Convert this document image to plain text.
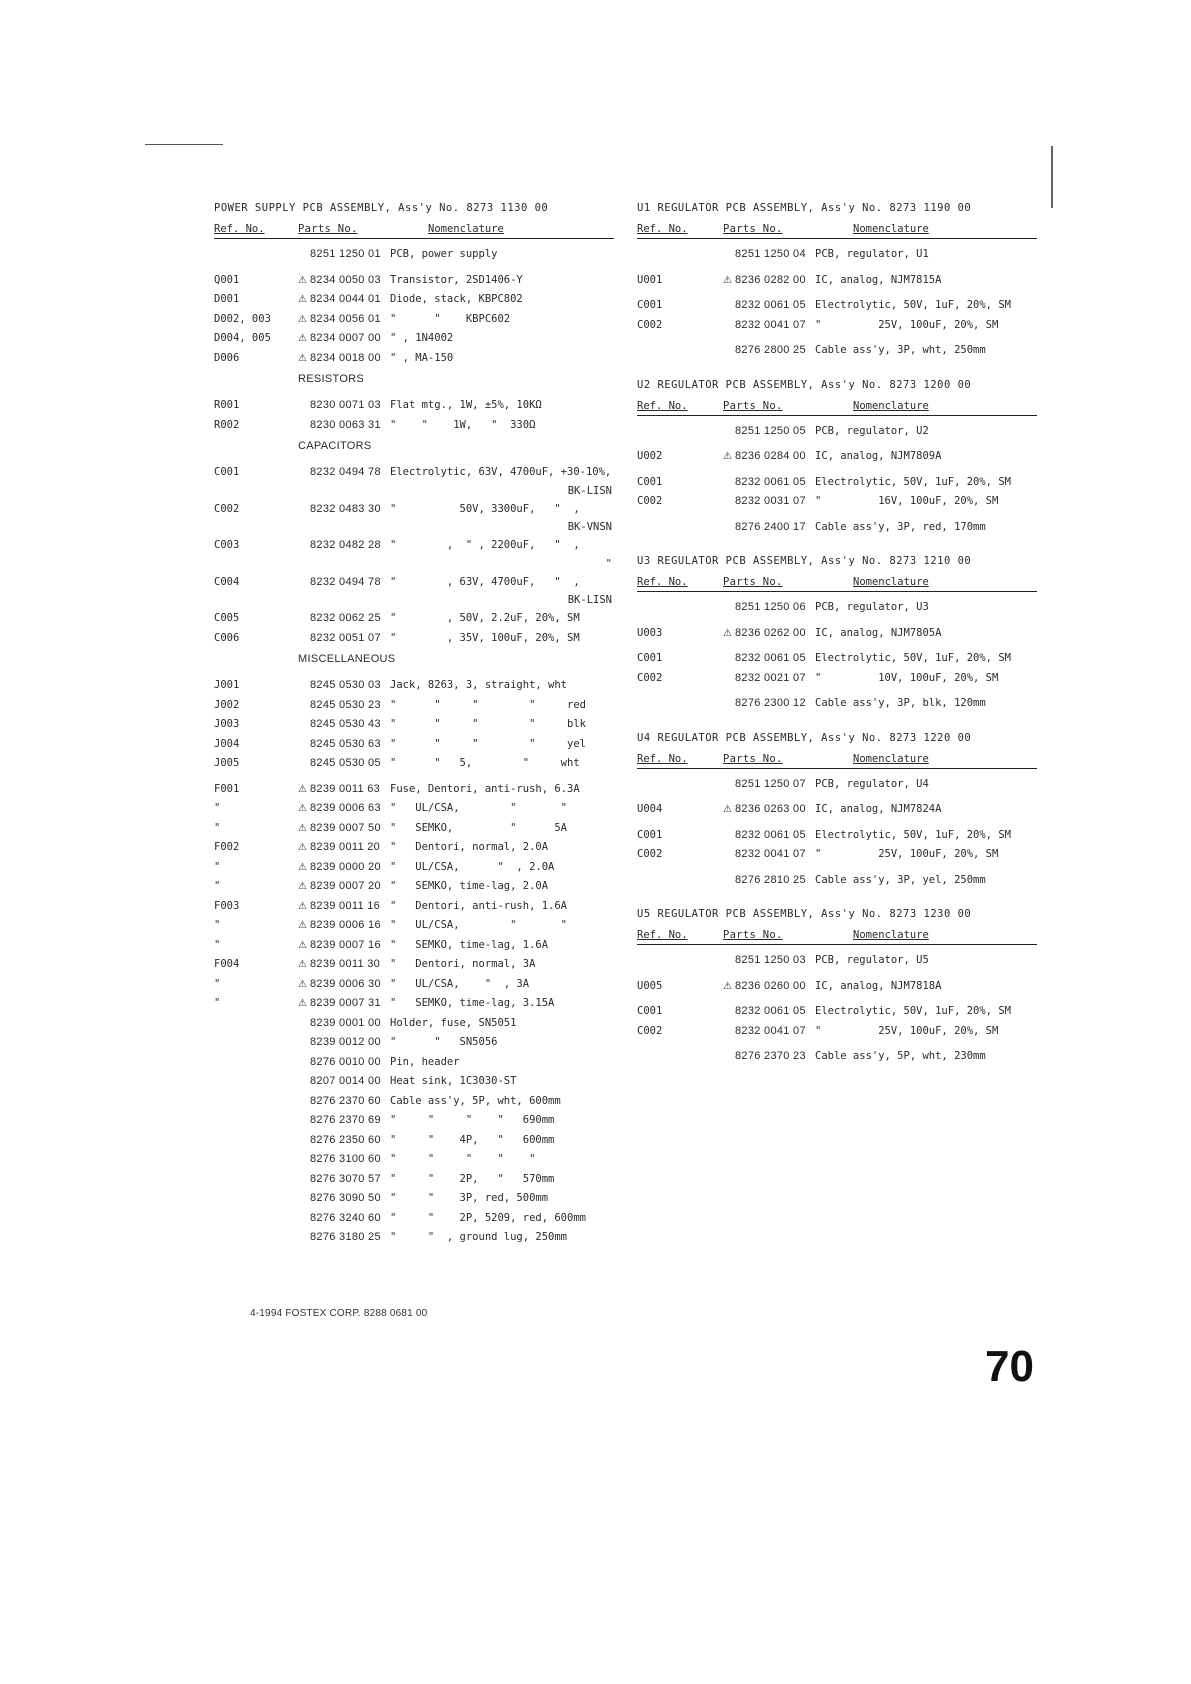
POWER SUPPLY PCB ASSEMBLY, Ass'y No. 8273 1130 00
Ref. No.	Parts No.	Nomenclature
8251 1250 01 PCB, power supply
Q001	⚠ 8234 0050 03 Transistor, 2SD1406-Y
D001	⚠ 8234 0044 01 Diode, stack, KBPC802
D002, 003	⚠ 8234 0056 01 "      "    KBPC602
D004, 005	⚠ 8234 0007 00 " , 1N4002
D006	⚠ 8234 0018 00 " , MA-150
RESISTORS
R001	8230 0071 03 Flat mtg., 1W, ±5%, 10KΩ
R002	8230 0063 31 "    "    1W,   "  330Ω
CAPACITORS
C001	8232 0494 78 Electrolytic, 63V, 4700uF, +30-10%,
BK-LISN
C002	8232 0483 30 "          50V, 3300uF,   "  ,
BK-VNSN
C003	8232 0482 28 "        ,  " , 2200uF,   "  ,
"
C004	8232 0494 78 "        , 63V, 4700uF,   "  ,
BK-LISN
C005	8232 0062 25 "        , 50V, 2.2uF, 20%, SM
C006	8232 0051 07 "        , 35V, 100uF, 20%, SM
MISCELLANEOUS
J001	8245 0530 03 Jack, 8263, 3, straight, wht
J002	8245 0530 23 "      "     "        "     red
J003	8245 0530 43 "      "     "        "     blk
J004	8245 0530 63 "      "     "        "     yel
J005	8245 0530 05 "      "   5,        "     wht
F001	⚠ 8239 0011 63 Fuse, Dentori, anti-rush, 6.3A
"	⚠ 8239 0006 63 "   UL/CSA,        "       "
"	⚠ 8239 0007 50 "   SEMKO,         "      5A
F002	⚠ 8239 0011 20 "   Dentori, normal, 2.0A
"	⚠ 8239 0000 20 "   UL/CSA,      "  , 2.0A
"	⚠ 8239 0007 20 "   SEMKO, time-lag, 2.0A
F003	⚠ 8239 0011 16 "   Dentori, anti-rush, 1.6A
"	⚠ 8239 0006 16 "   UL/CSA,        "       "
"	⚠ 8239 0007 16 "   SEMKO, time-lag, 1.6A
F004	⚠ 8239 0011 30 "   Dentori, normal, 3A
"	⚠ 8239 0006 30 "   UL/CSA,    "  , 3A
"	⚠ 8239 0007 31 "   SEMKO, time-lag, 3.15A
8239 0001 00 Holder, fuse, SN5051
8239 0012 00 "      "   SN5056
8276 0010 00 Pin, header
8207 0014 00 Heat sink, 1C3030-ST
8276 2370 60 Cable ass'y, 5P, wht, 600mm
8276 2370 69 "     "     "    "   690mm
8276 2350 60 "     "    4P,   "   600mm
8276 3100 60 "     "     "    "    "
8276 3070 57 "     "    2P,   "   570mm
8276 3090 50 "     "    3P, red, 500mm
8276 3240 60 "     "    2P, 5209, red, 600mm
8276 3180 25 "     "  , ground lug, 250mm
U1 REGULATOR PCB ASSEMBLY, Ass'y No. 8273 1190 00
Ref. No.	Parts No.	Nomenclature
8251 1250 04 PCB, regulator, U1
U001	⚠ 8236 0282 00 IC, analog, NJM7815A
C001	8232 0061 05 Electrolytic, 50V, 1uF, 20%, SM
C002	8232 0041 07 "         25V, 100uF, 20%, SM
8276 2800 25 Cable ass'y, 3P, wht, 250mm
U2 REGULATOR PCB ASSEMBLY, Ass'y No. 8273 1200 00
Ref. No.	Parts No.	Nomenclature
8251 1250 05 PCB, regulator, U2
U002	⚠ 8236 0284 00 IC, analog, NJM7809A
C001	8232 0061 05 Electrolytic, 50V, 1uF, 20%, SM
C002	8232 0031 07 "         16V, 100uF, 20%, SM
8276 2400 17 Cable ass'y, 3P, red, 170mm
U3 REGULATOR PCB ASSEMBLY, Ass'y No. 8273 1210 00
Ref. No.	Parts No.	Nomenclature
8251 1250 06 PCB, regulator, U3
U003	⚠ 8236 0262 00 IC, analog, NJM7805A
C001	8232 0061 05 Electrolytic, 50V, 1uF, 20%, SM
C002	8232 0021 07 "         10V, 100uF, 20%, SM
8276 2300 12 Cable ass'y, 3P, blk, 120mm
U4 REGULATOR PCB ASSEMBLY, Ass'y No. 8273 1220 00
Ref. No.	Parts No.	Nomenclature
8251 1250 07 PCB, regulator, U4
U004	⚠ 8236 0263 00 IC, analog, NJM7824A
C001	8232 0061 05 Electrolytic, 50V, 1uF, 20%, SM
C002	8232 0041 07 "         25V, 100uF, 20%, SM
8276 2810 25 Cable ass'y, 3P, yel, 250mm
U5 REGULATOR PCB ASSEMBLY, Ass'y No. 8273 1230 00
Ref. No.	Parts No.	Nomenclature
8251 1250 03 PCB, regulator, U5
U005	⚠ 8236 0260 00 IC, analog, NJM7818A
C001	8232 0061 05 Electrolytic, 50V, 1uF, 20%, SM
C002	8232 0041 07 "         25V, 100uF, 20%, SM
8276 2370 23 Cable ass'y, 5P, wht, 230mm
4-1994 FOSTEX CORP. 8288 0681 00
70
